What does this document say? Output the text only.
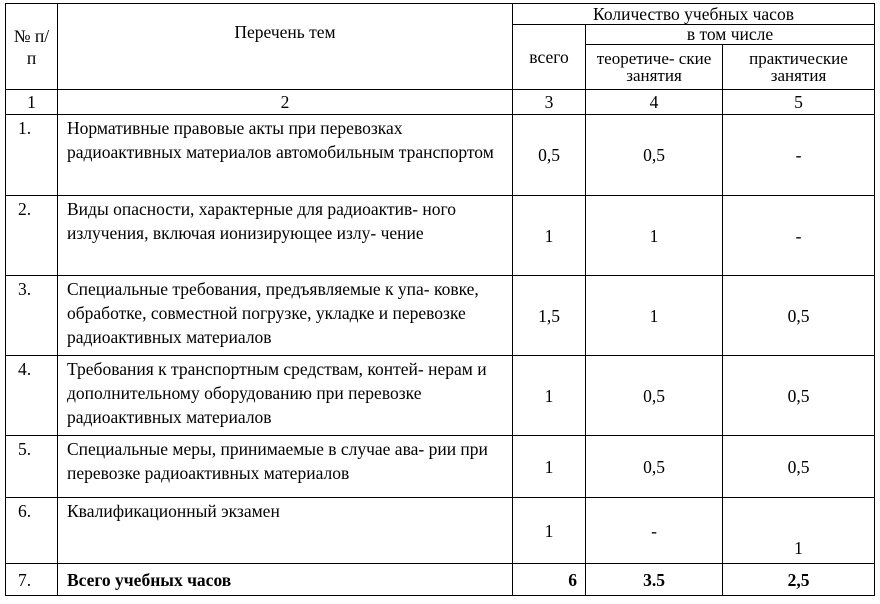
№ п/п	Перечень тем	Количество учебных часов		
		всего	в том числе	
			теоретиче- ские занятия	практические занятия
1	2	3	4	5
1.	Нормативные правовые акты при перевозках радиоактивных материалов автомобильным транспортом	0,5	0,5	-
2.	Виды опасности, характерные для радиоактив- ного излучения, включая ионизирующее излу- чение	1	1	-
3.	Специальные требования, предъявляемые к упа- ковке, обработке, совместной погрузке, укладке и перевозке радиоактивных материалов	1,5	1	0,5
4.	Требования к транспортным средствам, контей- нерам и дополнительному оборудованию при перевозке радиоактивных материалов	1	0,5	0,5
5.	Специальные меры, принимаемые в случае ава- рии при перевозке радиоактивных материалов	1	0,5	0,5
6.	Квалификационный экзамен	1	-	1
7.	Всего учебных часов	6	3.5	2,5
